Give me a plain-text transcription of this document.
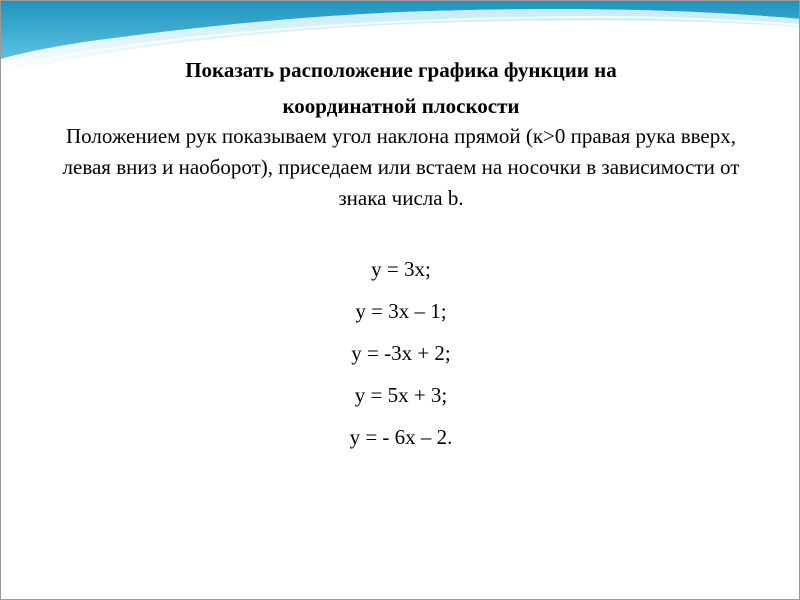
Показать расположение графика функции на
координатной плоскости

Положением рук показываем угол наклона прямой (к>0 правая рука вверх, левая вниз и наоборот), приседаем или встаем на носочки в зависимости от знака числа b.

у = 3х;
у = 3х – 1;
у = -3х + 2;
у = 5х + 3;
у = - 6х – 2.
